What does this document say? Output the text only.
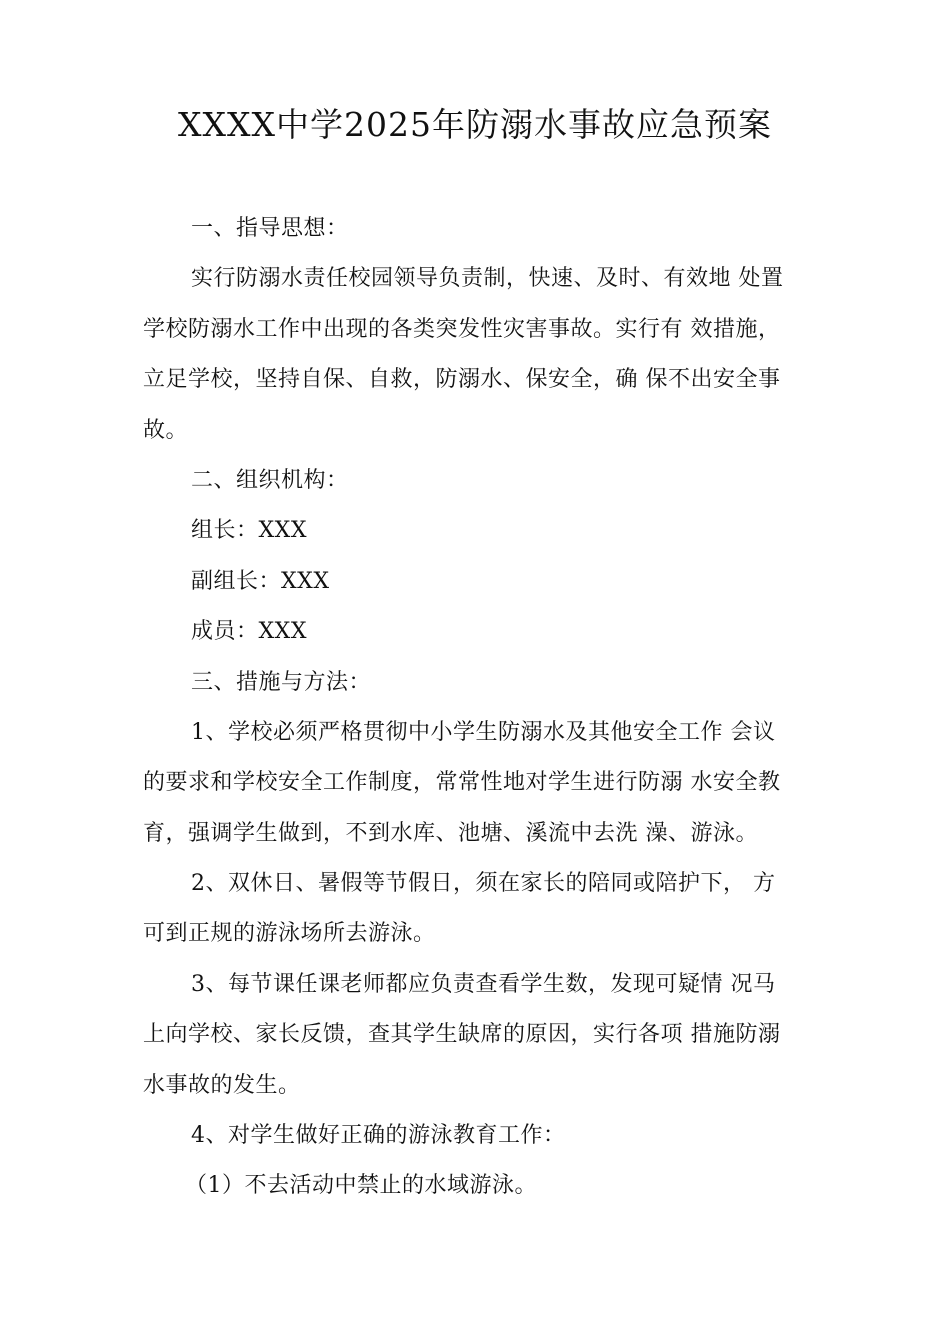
XXXX中学2025年防溺水事故应急预案
一、指导思想：
实行防溺水责任校园领导负责制，快速、及时、有效地 处置
学校防溺水工作中出现的各类突发性灾害事故。实行有 效措施，
立足学校，坚持自保、自救，防溺水、保安全，确 保不出安全事
故。
二、组织机构：
组长：XXX
副组长：XXX
成员：XXX
三、措施与方法：
1、学校必须严格贯彻中小学生防溺水及其他安全工作 会议
的要求和学校安全工作制度，常常性地对学生进行防溺 水安全教
育，强调学生做到，不到水库、池塘、溪流中去洗 澡、游泳。
2、双休日、暑假等节假日，须在家长的陪同或陪护下， 方
可到正规的游泳场所去游泳。
3、每节课任课老师都应负责查看学生数，发现可疑情 况马
上向学校、家长反馈，查其学生缺席的原因，实行各项 措施防溺
水事故的发生。
4、对学生做好正确的游泳教育工作：
（1）不去活动中禁止的水域游泳。
